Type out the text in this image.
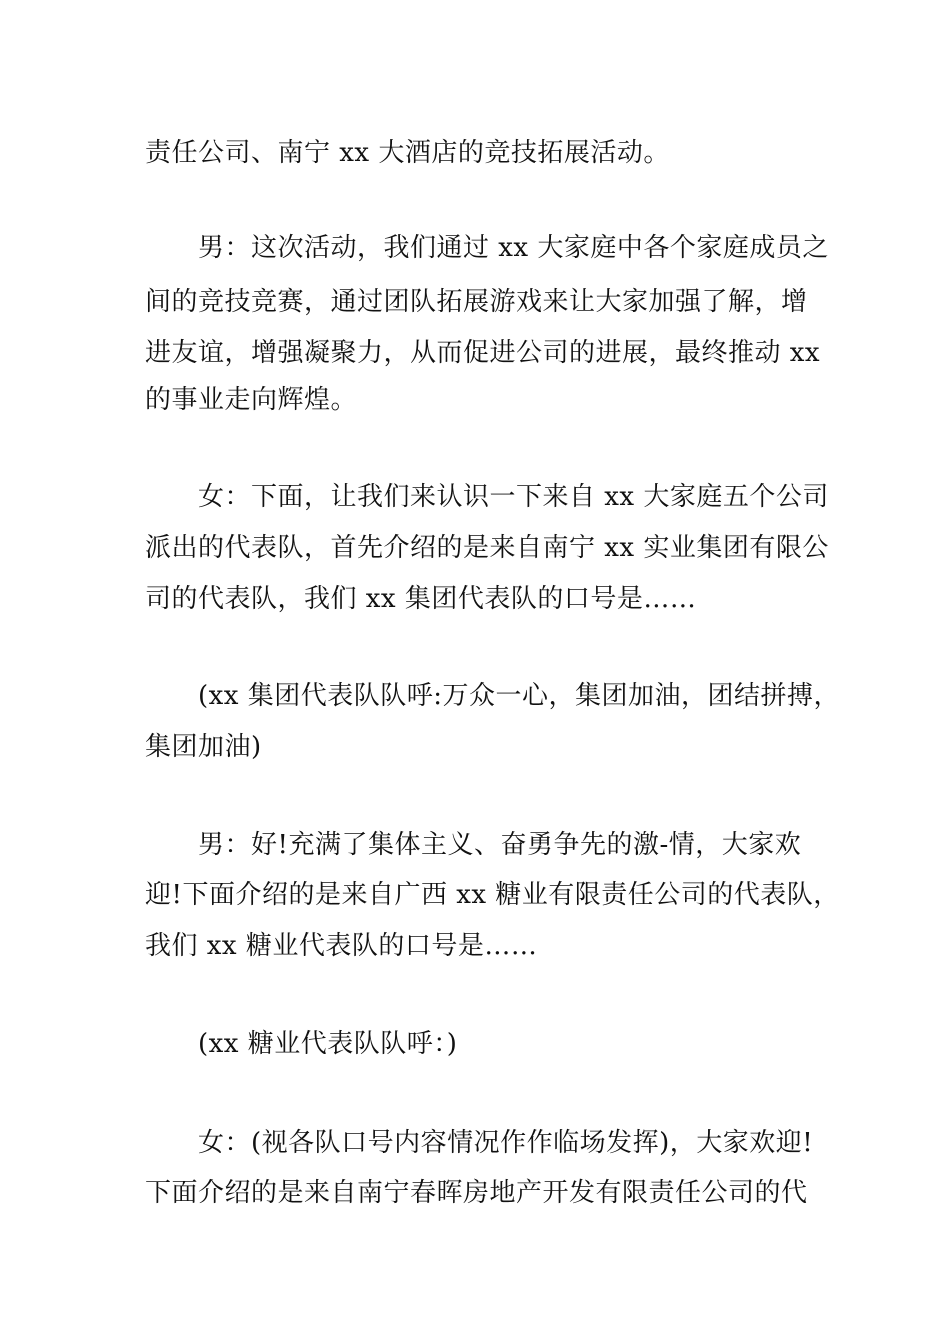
责任公司、南宁 xx 大酒店的竞技拓展活动。

男：这次活动，我们通过 xx 大家庭中各个家庭成员之

间的竞技竞赛，通过团队拓展游戏来让大家加强了解，增

进友谊，增强凝聚力，从而促进公司的进展，最终推动 xx

的事业走向辉煌。

女：下面，让我们来认识一下来自 xx 大家庭五个公司

派出的代表队，首先介绍的是来自南宁 xx 实业集团有限公

司的代表队，我们 xx 集团代表队的口号是……

(xx 集团代表队队呼:万众一心，集团加油，团结拼搏，

集团加油)

男：好!充满了集体主义、奋勇争先的激-情，大家欢

迎!下面介绍的是来自广西 xx 糖业有限责任公司的代表队，

我们 xx 糖业代表队的口号是……

(xx 糖业代表队队呼：)

女：(视各队口号内容情况作作临场发挥)，大家欢迎!

下面介绍的是来自南宁春晖房地产开发有限责任公司的代
